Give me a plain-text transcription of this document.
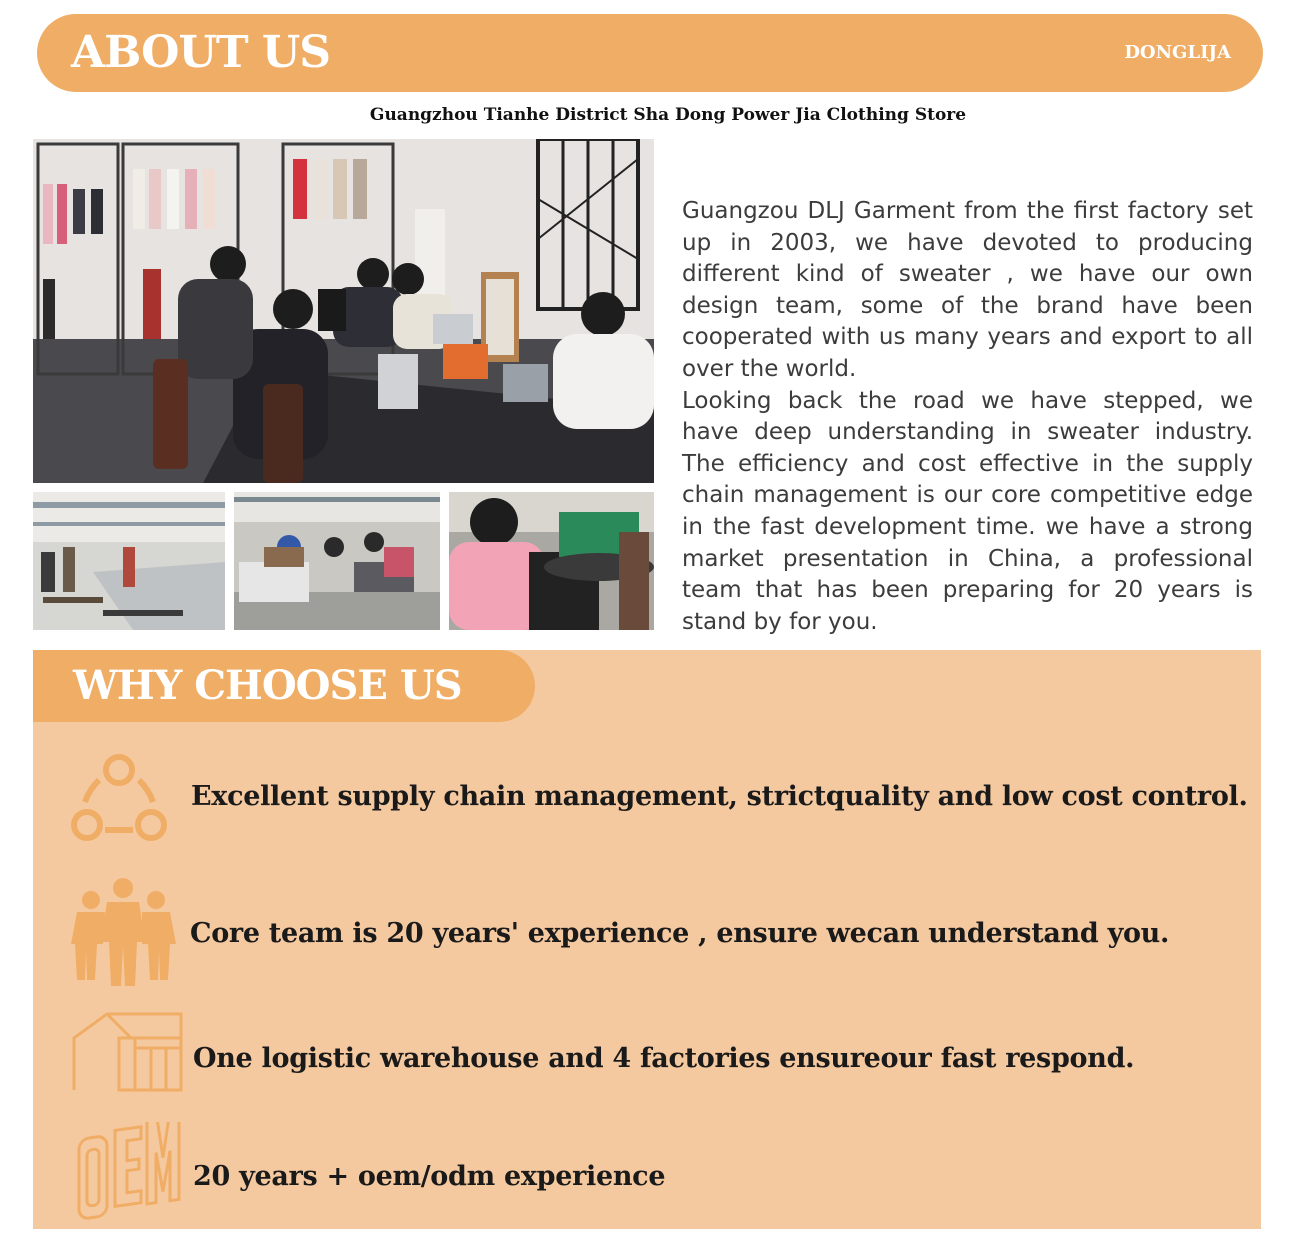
ABOUT US	DONGLIJA
Guangzhou Tianhe District Sha Dong Power Jia Clothing Store

Guangzou DLJ Garment from the first factory set up in 2003, we have devoted to producing different kind of sweater , we have our own design team, some of the brand have been cooperated with us many years and export to all over the world.

Looking back the road we have stepped, we have deep understanding in sweater industry. The efficiency and cost effective in the supply chain management is our core competitive edge in the fast development time. we have a strong market presentation in China, a professional team that has been preparing for 20 years is stand by for you.

WHY CHOOSE US
Excellent supply chain management, strictquality and low cost control.
Core team is 20 years' experience , ensure wecan understand you.
One logistic warehouse and 4 factories ensureour fast respond.
20 years + oem/odm experience
